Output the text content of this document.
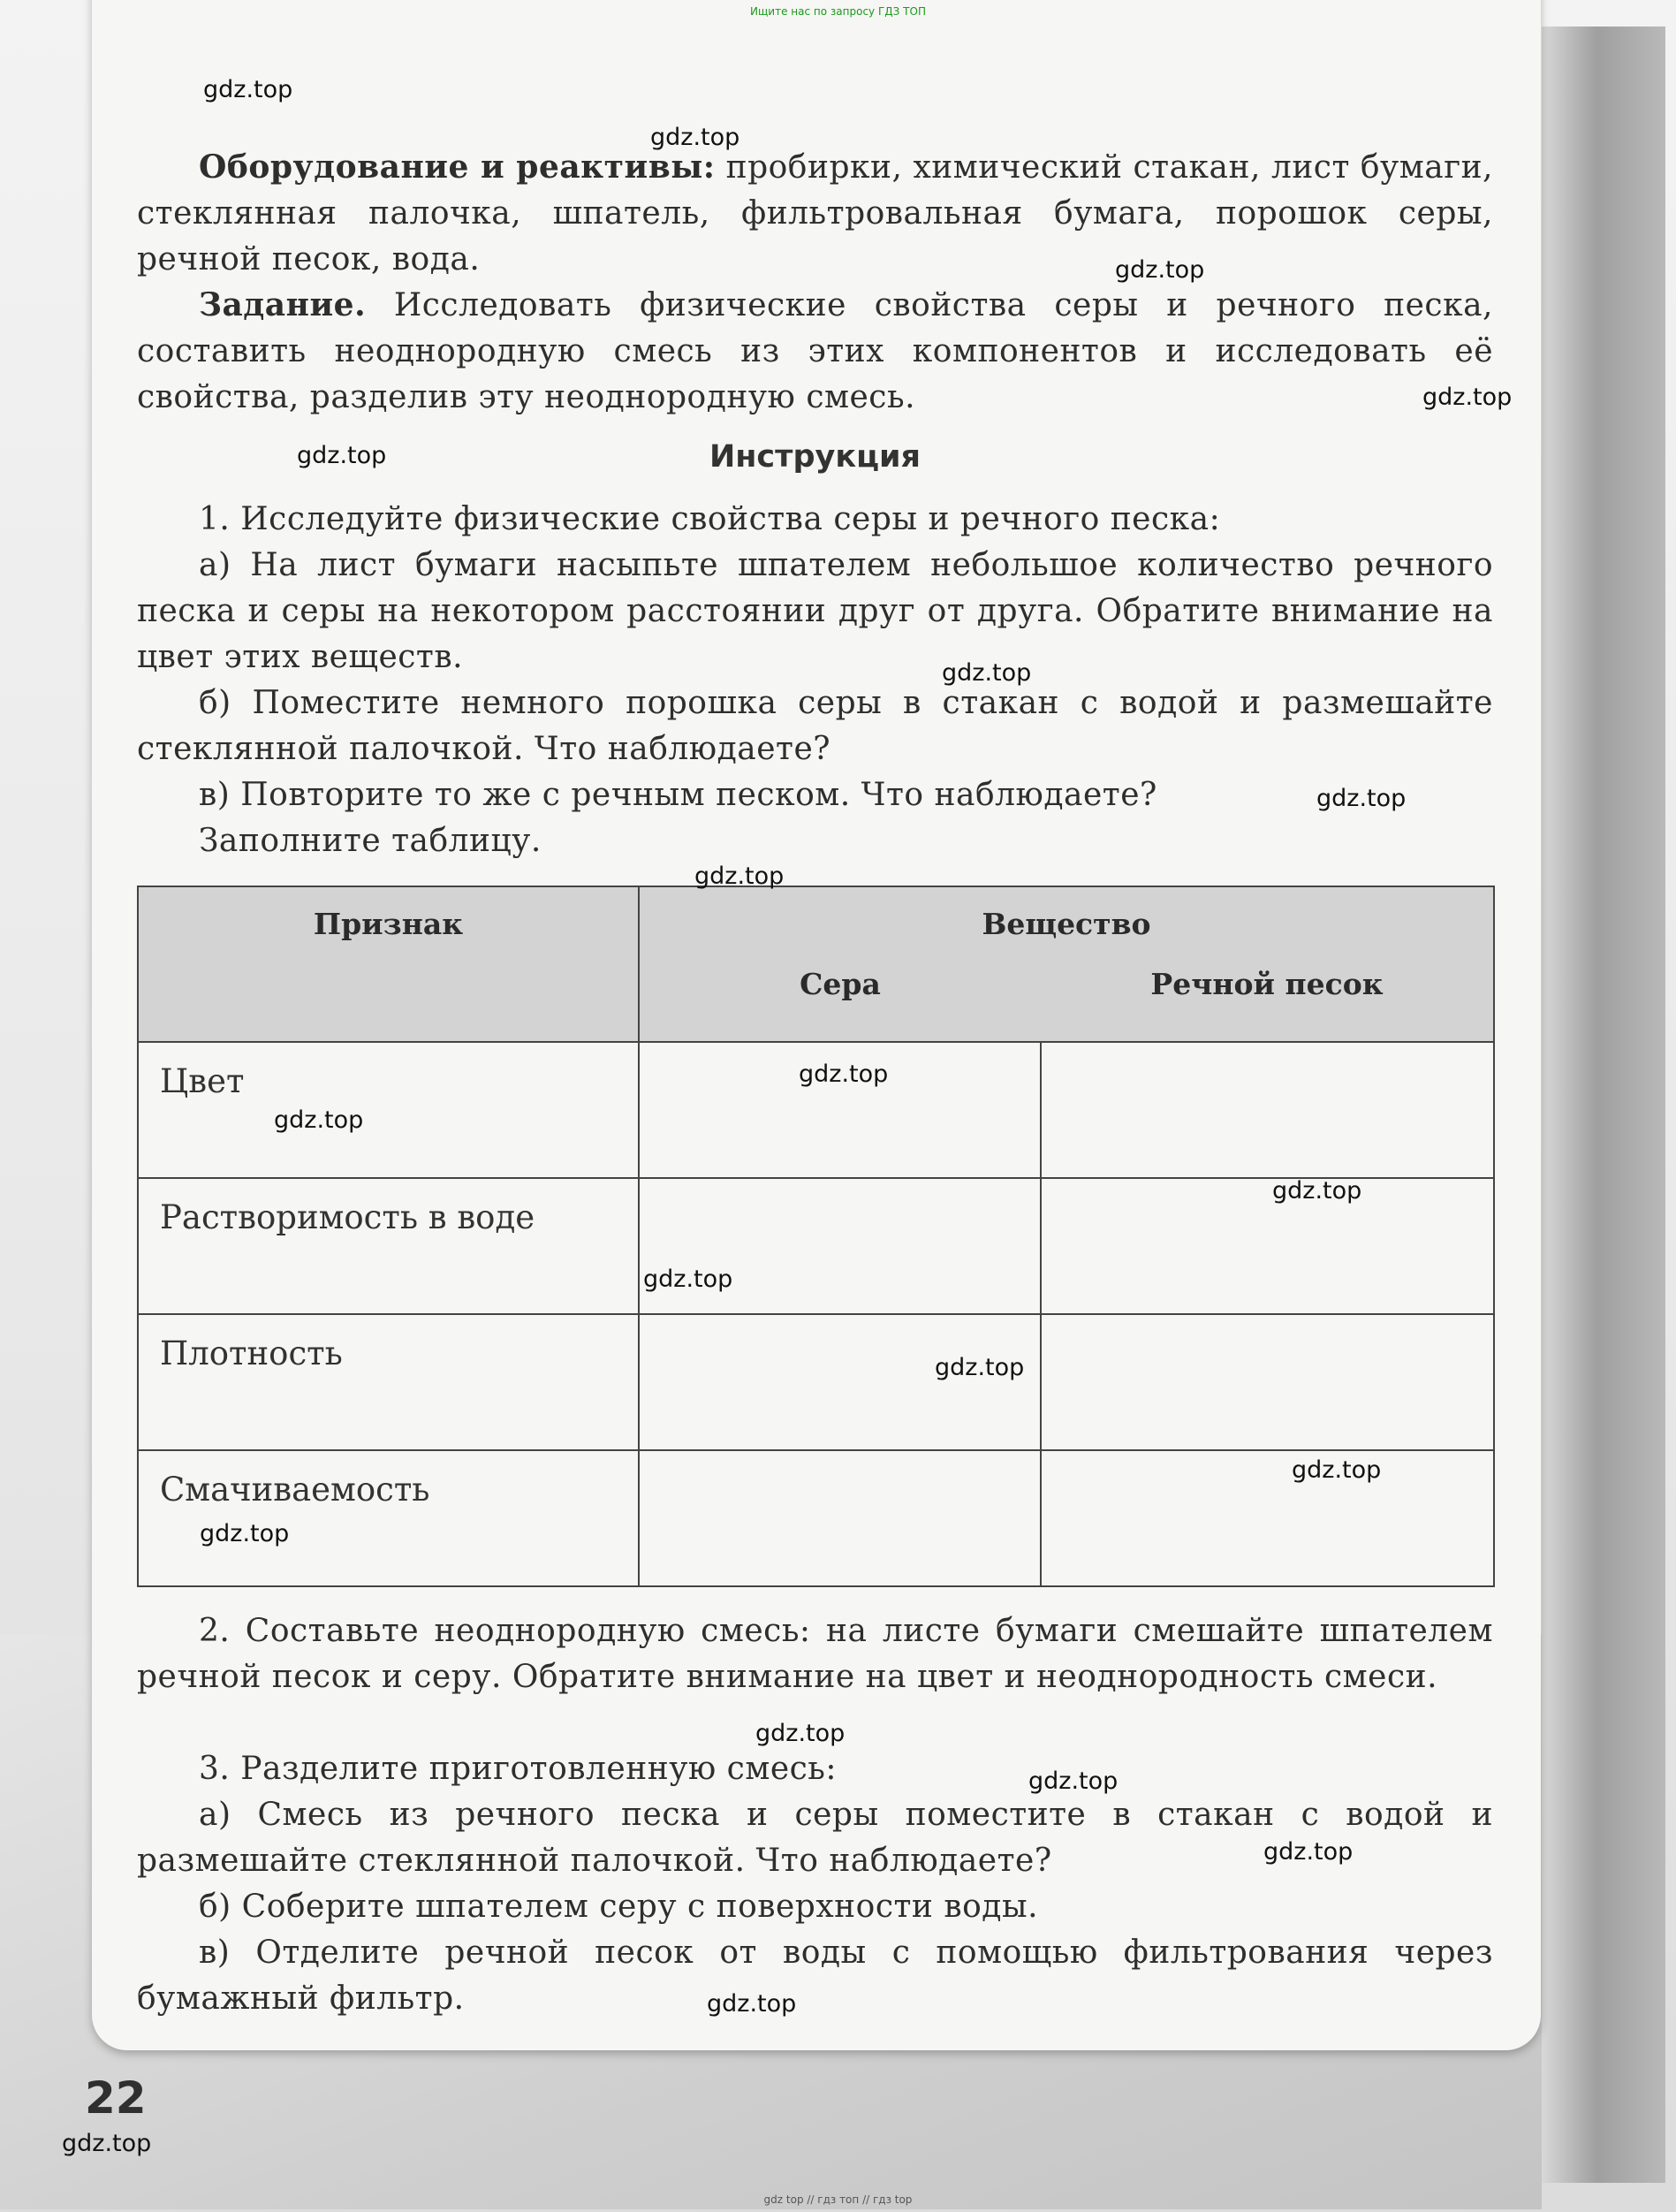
Ищите нас по запросу ГДЗ ТОП
Оборудование и реактивы: пробирки, химический стакан, лист бумаги, стеклянная палочка, шпатель, фильтровальная бумага, порошок серы, речной песок, вода.
Задание. Исследовать физические свойства серы и речного песка, составить неоднородную смесь из этих компонентов и исследовать её свойства, разделив эту неоднородную смесь.
Инструкция
1. Исследуйте физические свойства серы и речного песка:
а) На лист бумаги насыпьте шпателем небольшое количество речного песка и серы на некотором расстоянии друг от друга. Обратите внимание на цвет этих веществ.
б) Поместите немного порошка серы в стакан с водой и размешайте стеклянной палочкой. Что наблюдаете?
в) Повторите то же с речным песком. Что наблюдаете?
Заполните таблицу.
Признак	Вещество	
	Сера	Речной песок
Цвет		
Растворимость в воде		
Плотность		
Смачиваемость		
2. Составьте неоднородную смесь: на листе бумаги смешайте шпателем речной песок и серу. Обратите внимание на цвет и неоднородность смеси.
3. Разделите приготовленную смесь:
а) Смесь из речного песка и серы поместите в стакан с водой и размешайте стеклянной палочкой. Что наблюдаете?
б) Соберите шпателем серу с поверхности воды.
в) Отделите речной песок от воды с помощью фильтрования через бумажный фильтр.
22
gdz.top
gdz.top
gdz.top
gdz.top
gdz.top
gdz.top
gdz.top
gdz.top
gdz.top
gdz.top
gdz.top
gdz.top
gdz.top
gdz.top
gdz.top
gdz.top
gdz.top
gdz.top
gdz.top
gdz.top
gdz top // гдз топ // гдз top
